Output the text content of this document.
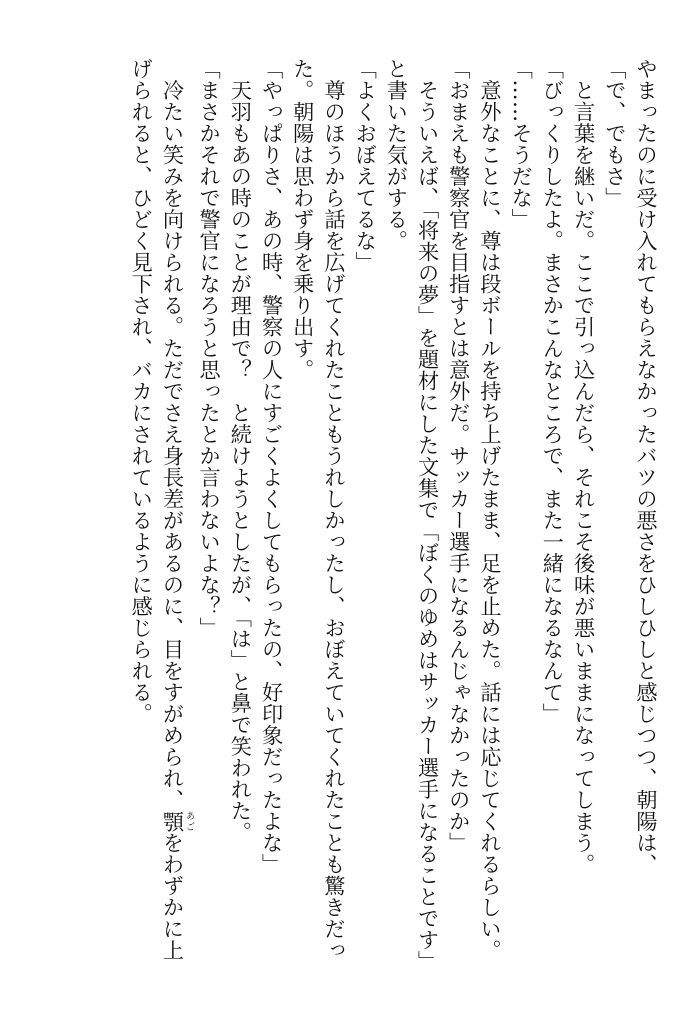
やまったのに受け入れてもらえなかったバツの悪さをひしひしと感じつつ、朝陽は、
「で、でもさ」
　と言葉を継いだ。ここで引っ込んだら、それこそ後味が悪いままになってしまう。
「びっくりしたよ。まさかこんなところで、また一緒になるなんて」
「……そうだな」
　意外なことに、尊は段ボールを持ち上げたまま、足を止めた。話には応じてくれるらしい。
「おまえも警察官を目指すとは意外だ。サッカー選手になるんじゃなかったのか」
　そういえば、「将来の夢」を題材にした文集で「ぼくのゆめはサッカー選手になることです」
と書いた気がする。
「よくおぼえてるな」
　尊のほうから話を広げてくれたこともうれしかったし、おぼえていてくれたことも驚きだっ
た。朝陽は思わず身を乗り出す。
「やっぱりさ、あの時、警察の人にすごくよくしてもらったの、好印象だったよな」
　天羽もあの時のことが理由で？　と続けようとしたが、「は」と鼻で笑われた。
「まさかそれで警官になろうと思ったとか言わないよな？」
　冷たい笑みを向けられる。ただでさえ身長差があるのに、目をすがめられ、顎あごをわずかに上
げられると、ひどく見下され、バカにされているように感じられる。
